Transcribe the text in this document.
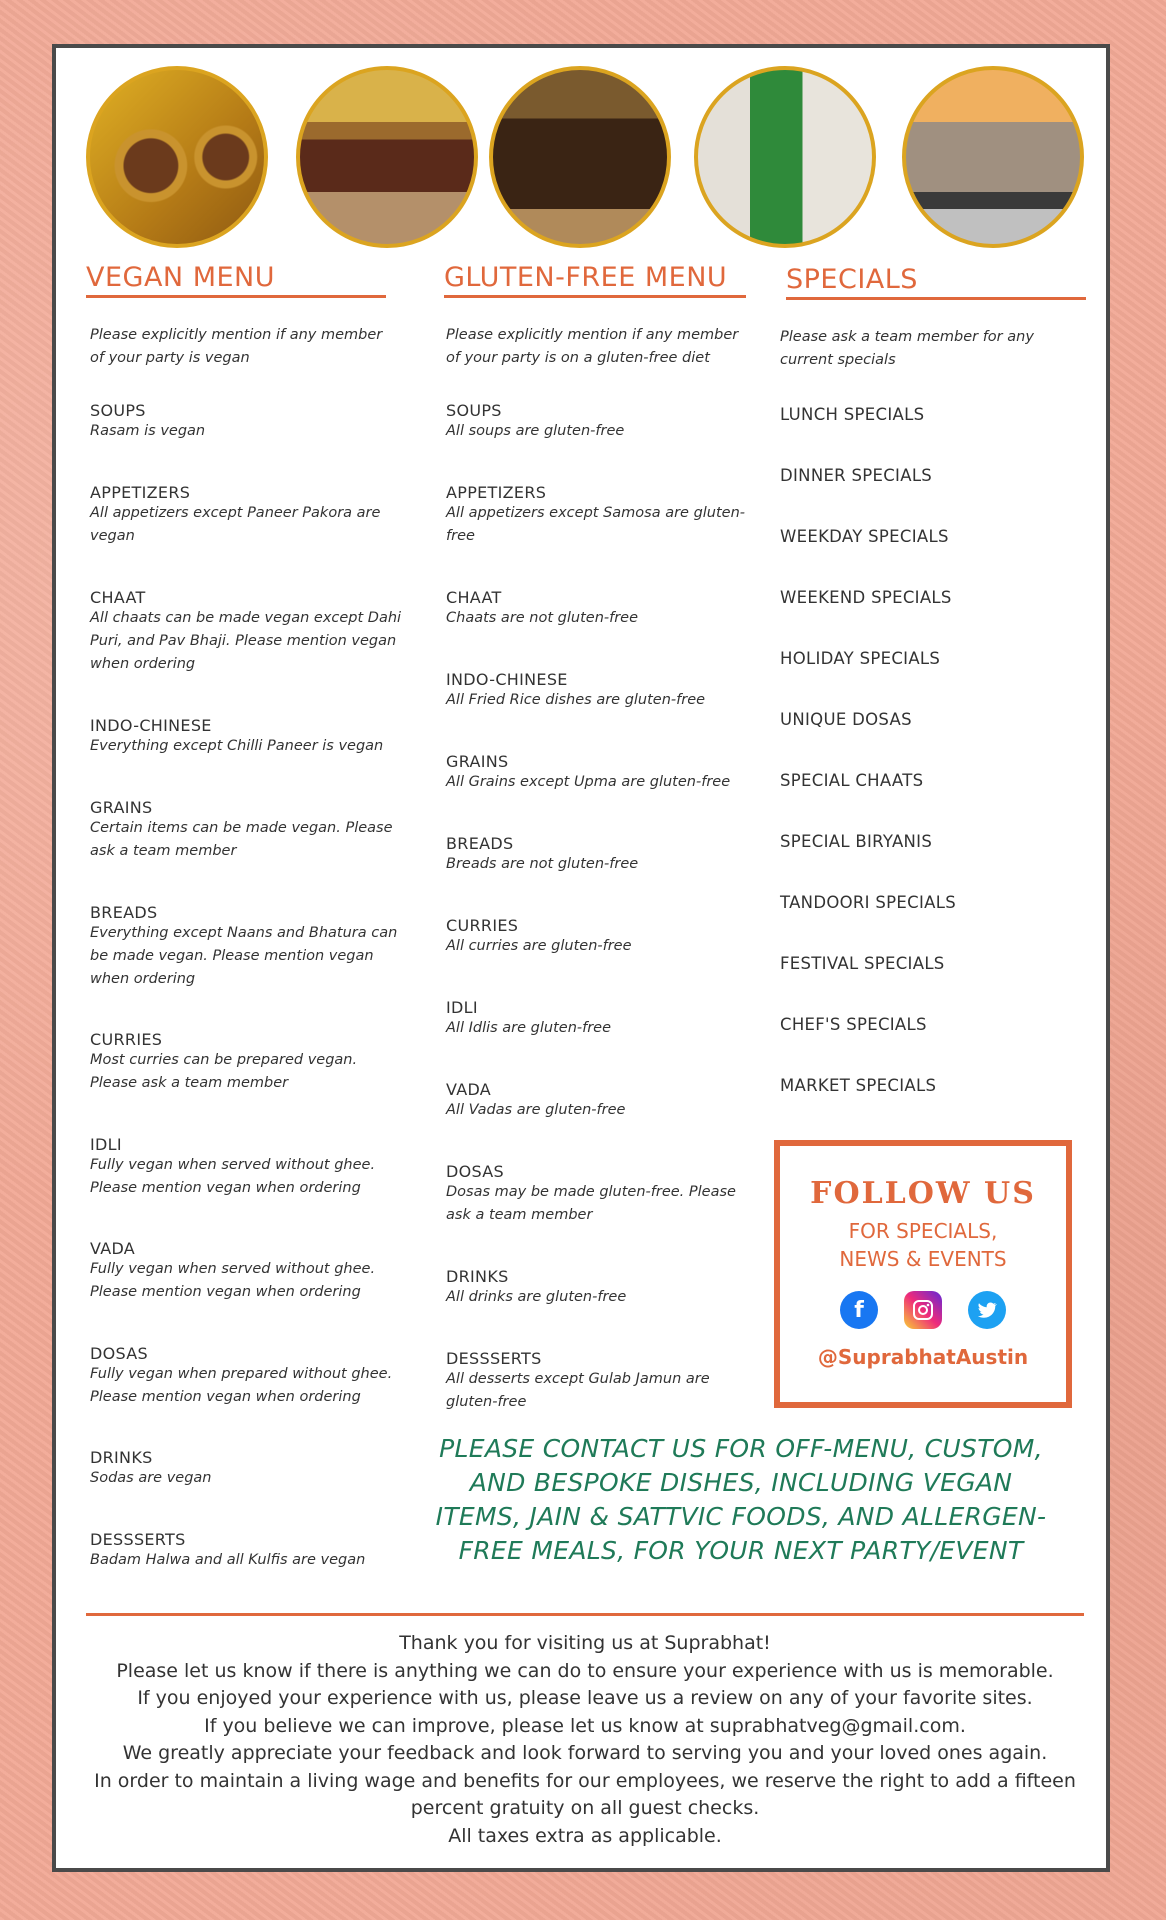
VEGAN MENU
Please explicitly mention if any member of your party is vegan
SOUPS
Rasam is vegan
APPETIZERS
All appetizers except Paneer Pakora are vegan
CHAAT
All chaats can be made vegan except Dahi Puri, and Pav Bhaji. Please mention vegan when ordering
INDO-CHINESE
Everything except Chilli Paneer is vegan
GRAINS
Certain items can be made vegan. Please ask a team member
BREADS
Everything except Naans and Bhatura can be made vegan. Please mention vegan when ordering
CURRIES
Most curries can be prepared vegan. Please ask a team member
IDLI
Fully vegan when served without ghee. Please mention vegan when ordering
VADA
Fully vegan when served without ghee. Please mention vegan when ordering
DOSAS
Fully vegan when prepared without ghee. Please mention vegan when ordering
DRINKS
Sodas are vegan
DESSSERTS
Badam Halwa and all Kulfis are vegan
GLUTEN-FREE MENU
Please explicitly mention if any member of your party is on a gluten-free diet
SOUPS
All soups are gluten-free
APPETIZERS
All appetizers except Samosa are gluten-free
CHAAT
Chaats are not gluten-free
INDO-CHINESE
All Fried Rice dishes are gluten-free
GRAINS
All Grains except Upma are gluten-free
BREADS
Breads are not gluten-free
CURRIES
All curries are gluten-free
IDLI
All Idlis are gluten-free
VADA
All Vadas are gluten-free
DOSAS
Dosas may be made gluten-free. Please ask a team member
DRINKS
All drinks are gluten-free
DESSSERTS
All desserts except Gulab Jamun are gluten-free
SPECIALS
Please ask a team member for any current specials
LUNCH SPECIALS
DINNER SPECIALS
WEEKDAY SPECIALS
WEEKEND SPECIALS
HOLIDAY SPECIALS
UNIQUE DOSAS
SPECIAL CHAATS
SPECIAL BIRYANIS
TANDOORI SPECIALS
FESTIVAL SPECIALS
CHEF'S SPECIALS
MARKET SPECIALS
FOLLOW US
FOR SPECIALS,
NEWS & EVENTS
f
@SuprabhatAustin
PLEASE CONTACT US FOR OFF-MENU, CUSTOM, AND BESPOKE DISHES, INCLUDING VEGAN ITEMS, JAIN & SATTVIC FOODS, AND ALLERGEN-FREE MEALS, FOR YOUR NEXT PARTY/EVENT
Thank you for visiting us at Suprabhat!
Please let us know if there is anything we can do to ensure your experience with us is memorable.
If you enjoyed your experience with us, please leave us a review on any of your favorite sites.
If you believe we can improve, please let us know at suprabhatveg@gmail.com.
We greatly appreciate your feedback and look forward to serving you and your loved ones again.
In order to maintain a living wage and benefits for our employees, we reserve the right to add a fifteen percent gratuity on all guest checks.
All taxes extra as applicable.
